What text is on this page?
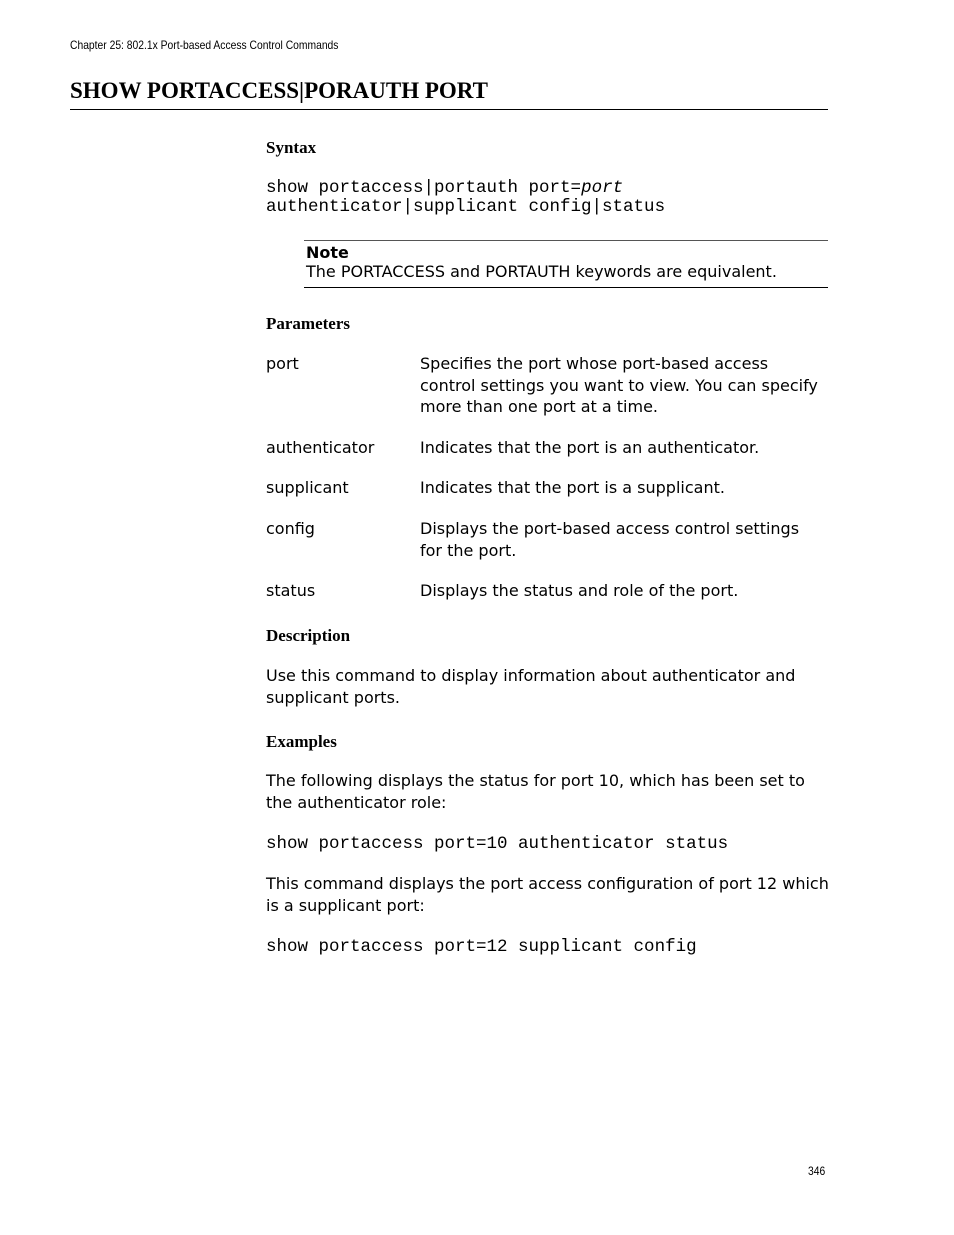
Chapter 25: 802.1x Port-based Access Control Commands
SHOW PORTACCESS|PORAUTH PORT
Syntax
show portaccess|portauth port=port
authenticator|supplicant config|status
Note
The PORTACCESS and PORTAUTH keywords are equivalent.
Parameters
port	Specifies the port whose port-based access control settings you want to view. You can specify more than one port at a time.
authenticator	Indicates that the port is an authenticator.
supplicant	Indicates that the port is a supplicant.
config	Displays the port-based access control settings for the port.
status	Displays the status and role of the port.
Description

Use this command to display information about authenticator and supplicant ports.

Examples

The following displays the status for port 10, which has been set to the authenticator role:

show portaccess port=10 authenticator status

This command displays the port access configuration of port 12 which is a supplicant port:

show portaccess port=12 supplicant config
346
